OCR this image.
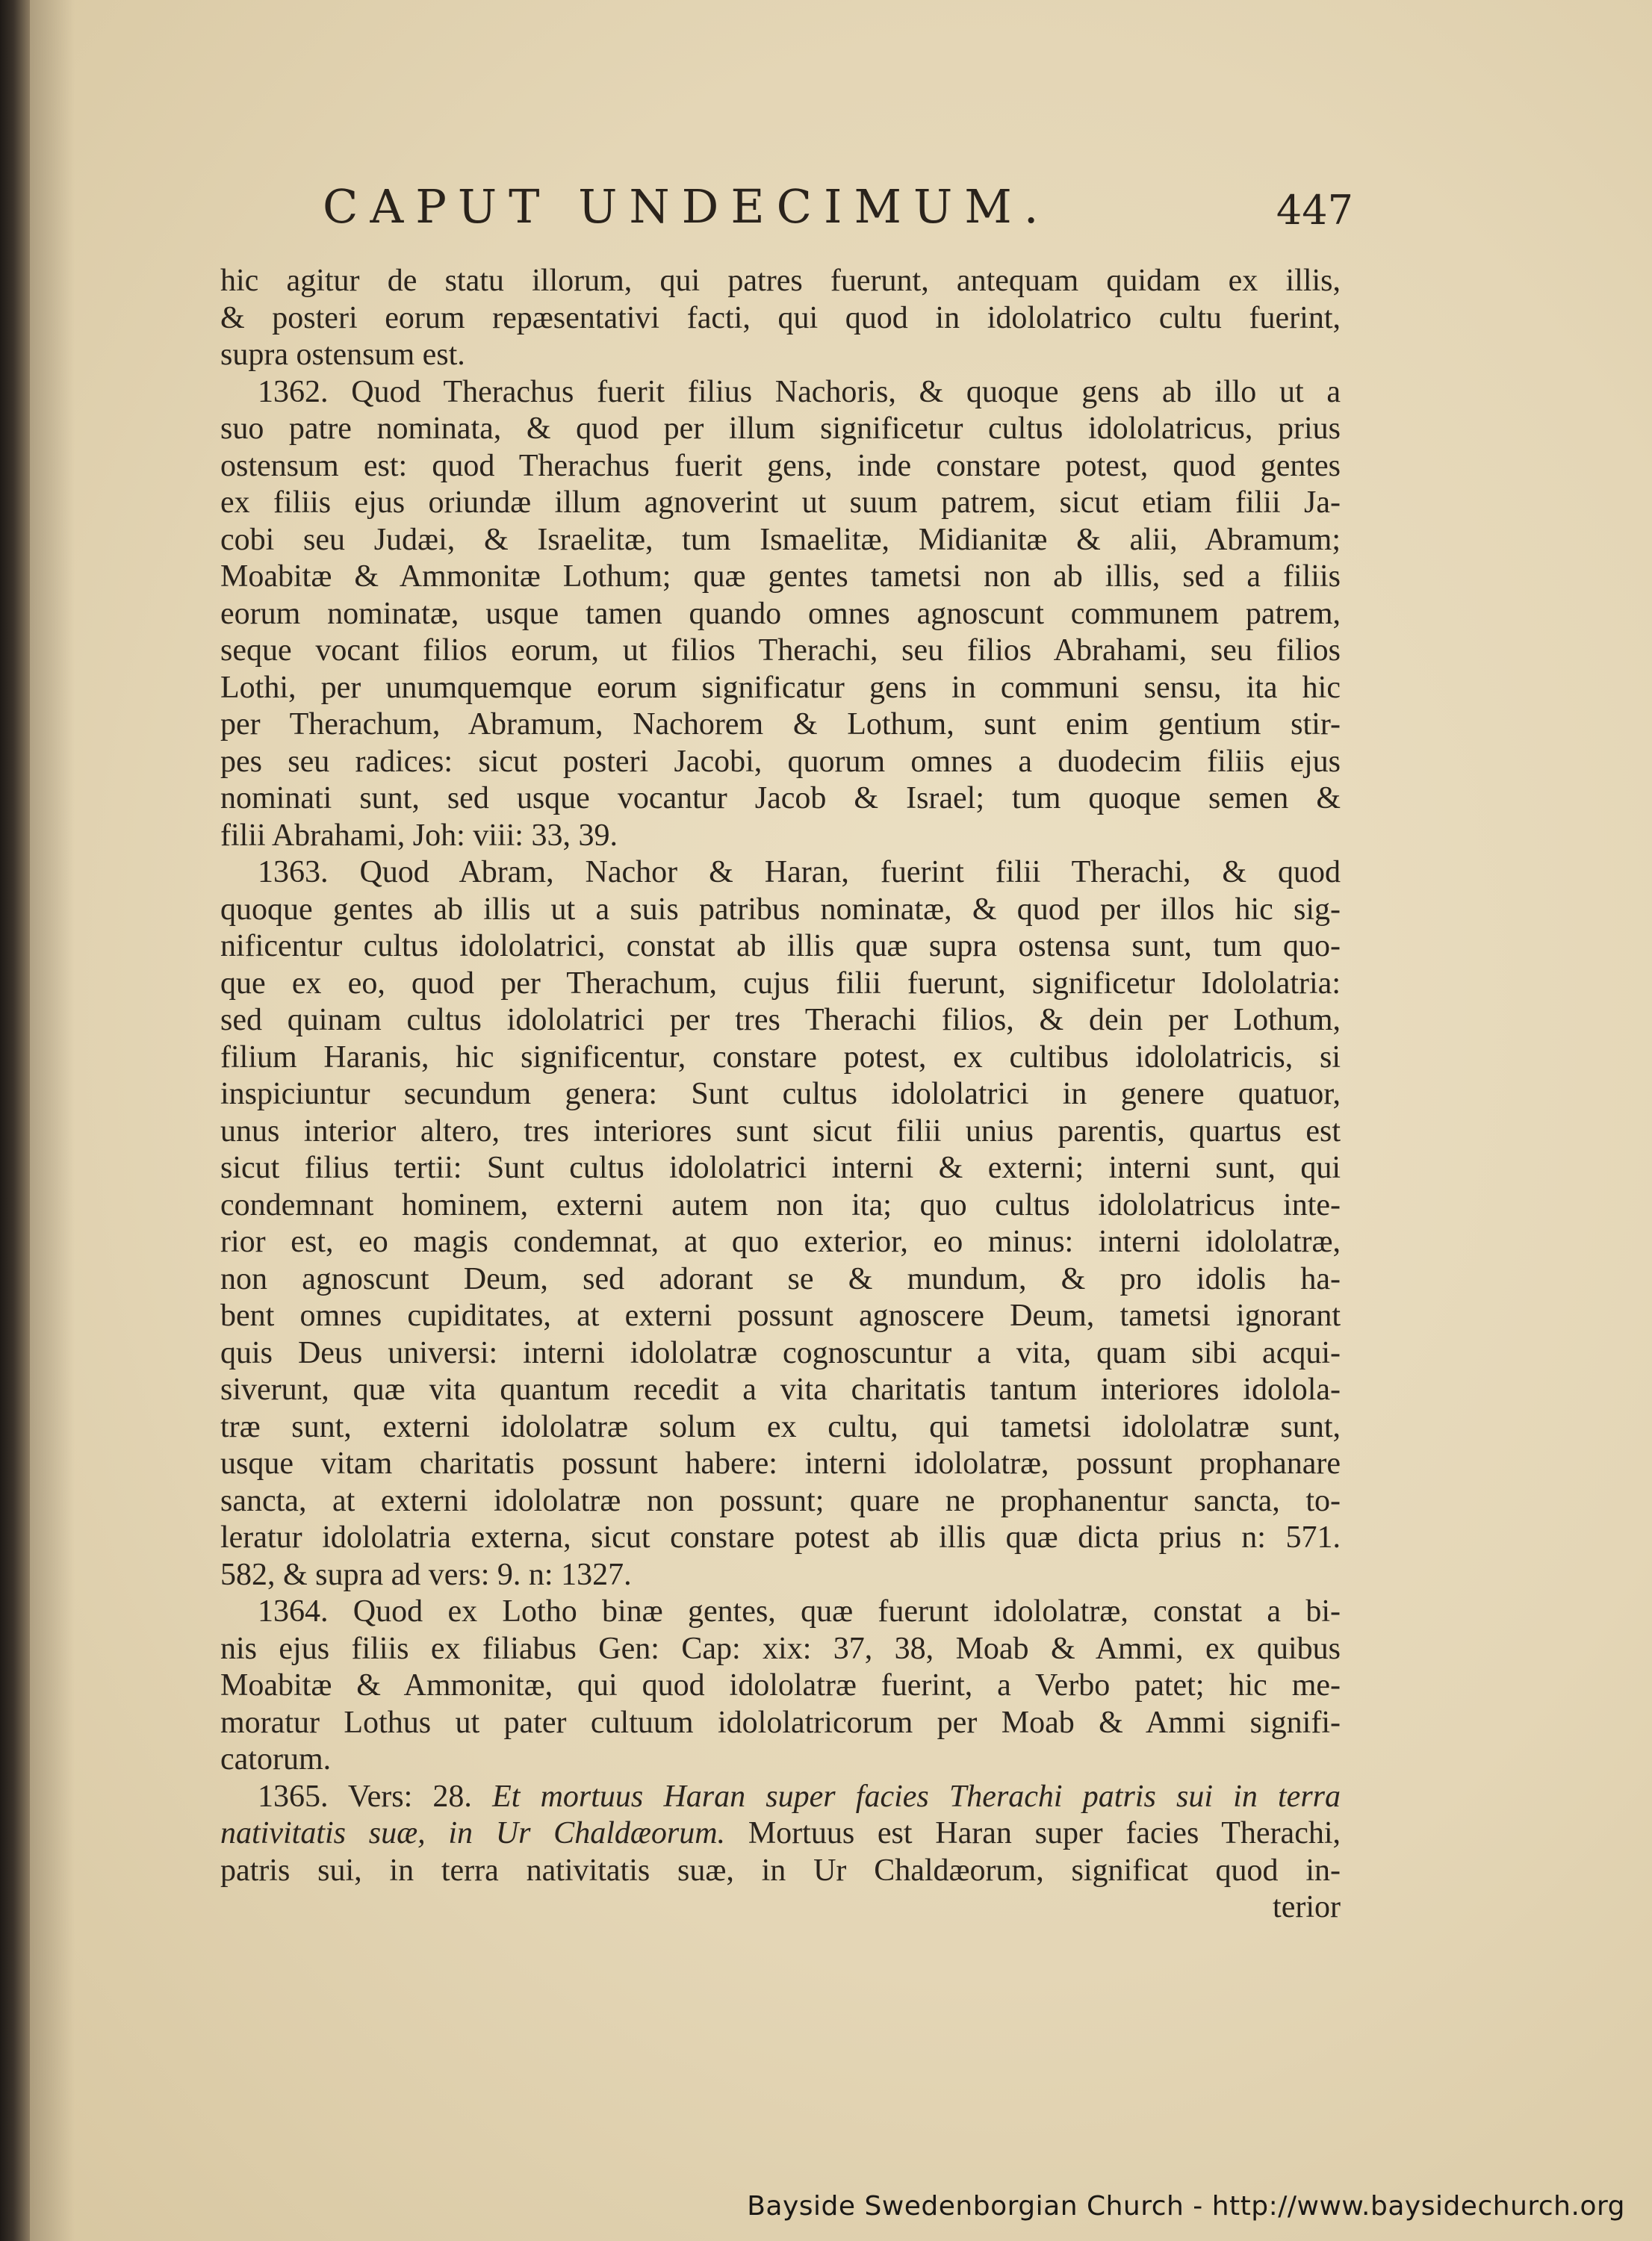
CAPUT UNDECIMUM.	447
hic agitur de statu illorum, qui patres fuerunt, antequam quidam ex illis,
& posteri eorum repæsentativi facti, qui quod in idololatrico cultu fuerint,
supra ostensum est.
1362. Quod Therachus fuerit filius Nachoris, & quoque gens ab illo ut a
suo patre nominata, & quod per illum significetur cultus idololatricus, prius
ostensum est: quod Therachus fuerit gens, inde constare potest, quod gentes
ex filiis ejus oriundæ illum agnoverint ut suum patrem, sicut etiam filii Ja-
cobi seu Judæi, & Israelitæ, tum Ismaelitæ, Midianitæ & alii, Abramum;
Moabitæ & Ammonitæ Lothum; quæ gentes tametsi non ab illis, sed a filiis
eorum nominatæ, usque tamen quando omnes agnoscunt communem patrem,
seque vocant filios eorum, ut filios Therachi, seu filios Abrahami, seu filios
Lothi, per unumquemque eorum significatur gens in communi sensu, ita hic
per Therachum, Abramum, Nachorem & Lothum, sunt enim gentium stir-
pes seu radices: sicut posteri Jacobi, quorum omnes a duodecim filiis ejus
nominati sunt, sed usque vocantur Jacob & Israel; tum quoque semen &
filii Abrahami, Joh: viii: 33, 39.
1363. Quod Abram, Nachor & Haran, fuerint filii Therachi, & quod
quoque gentes ab illis ut a suis patribus nominatæ, & quod per illos hic sig-
nificentur cultus idololatrici, constat ab illis quæ supra ostensa sunt, tum quo-
que ex eo, quod per Therachum, cujus filii fuerunt, significetur Idololatria:
sed quinam cultus idololatrici per tres Therachi filios, & dein per Lothum,
filium Haranis, hic significentur, constare potest, ex cultibus idololatricis, si
inspiciuntur secundum genera: Sunt cultus idololatrici in genere quatuor,
unus interior altero, tres interiores sunt sicut filii unius parentis, quartus est
sicut filius tertii: Sunt cultus idololatrici interni & externi; interni sunt, qui
condemnant hominem, externi autem non ita; quo cultus idololatricus inte-
rior est, eo magis condemnat, at quo exterior, eo minus: interni idololatræ,
non agnoscunt Deum, sed adorant se & mundum, & pro idolis ha-
bent omnes cupiditates, at externi possunt agnoscere Deum, tametsi ignorant
quis Deus universi: interni idololatræ cognoscuntur a vita, quam sibi acqui-
siverunt, quæ vita quantum recedit a vita charitatis tantum interiores idolola-
træ sunt, externi idololatræ solum ex cultu, qui tametsi idololatræ sunt,
usque vitam charitatis possunt habere: interni idololatræ, possunt prophanare
sancta, at externi idololatræ non possunt; quare ne prophanentur sancta, to-
leratur idololatria externa, sicut constare potest ab illis quæ dicta prius n: 571.
582, & supra ad vers: 9. n: 1327.
1364. Quod ex Lotho binæ gentes, quæ fuerunt idololatræ, constat a bi-
nis ejus filiis ex filiabus Gen: Cap: xix: 37, 38, Moab & Ammi, ex quibus
Moabitæ & Ammonitæ, qui quod idololatræ fuerint, a Verbo patet; hic me-
moratur Lothus ut pater cultuum idololatricorum per Moab & Ammi signifi-
catorum.
1365. Vers: 28. Et mortuus Haran super facies Therachi patris sui in terra
nativitatis suæ, in Ur Chaldæorum. Mortuus est Haran super facies Therachi,
patris sui, in terra nativitatis suæ, in Ur Chaldæorum, significat quod in-
terior
Bayside Swedenborgian Church - http://www.baysidechurch.org
